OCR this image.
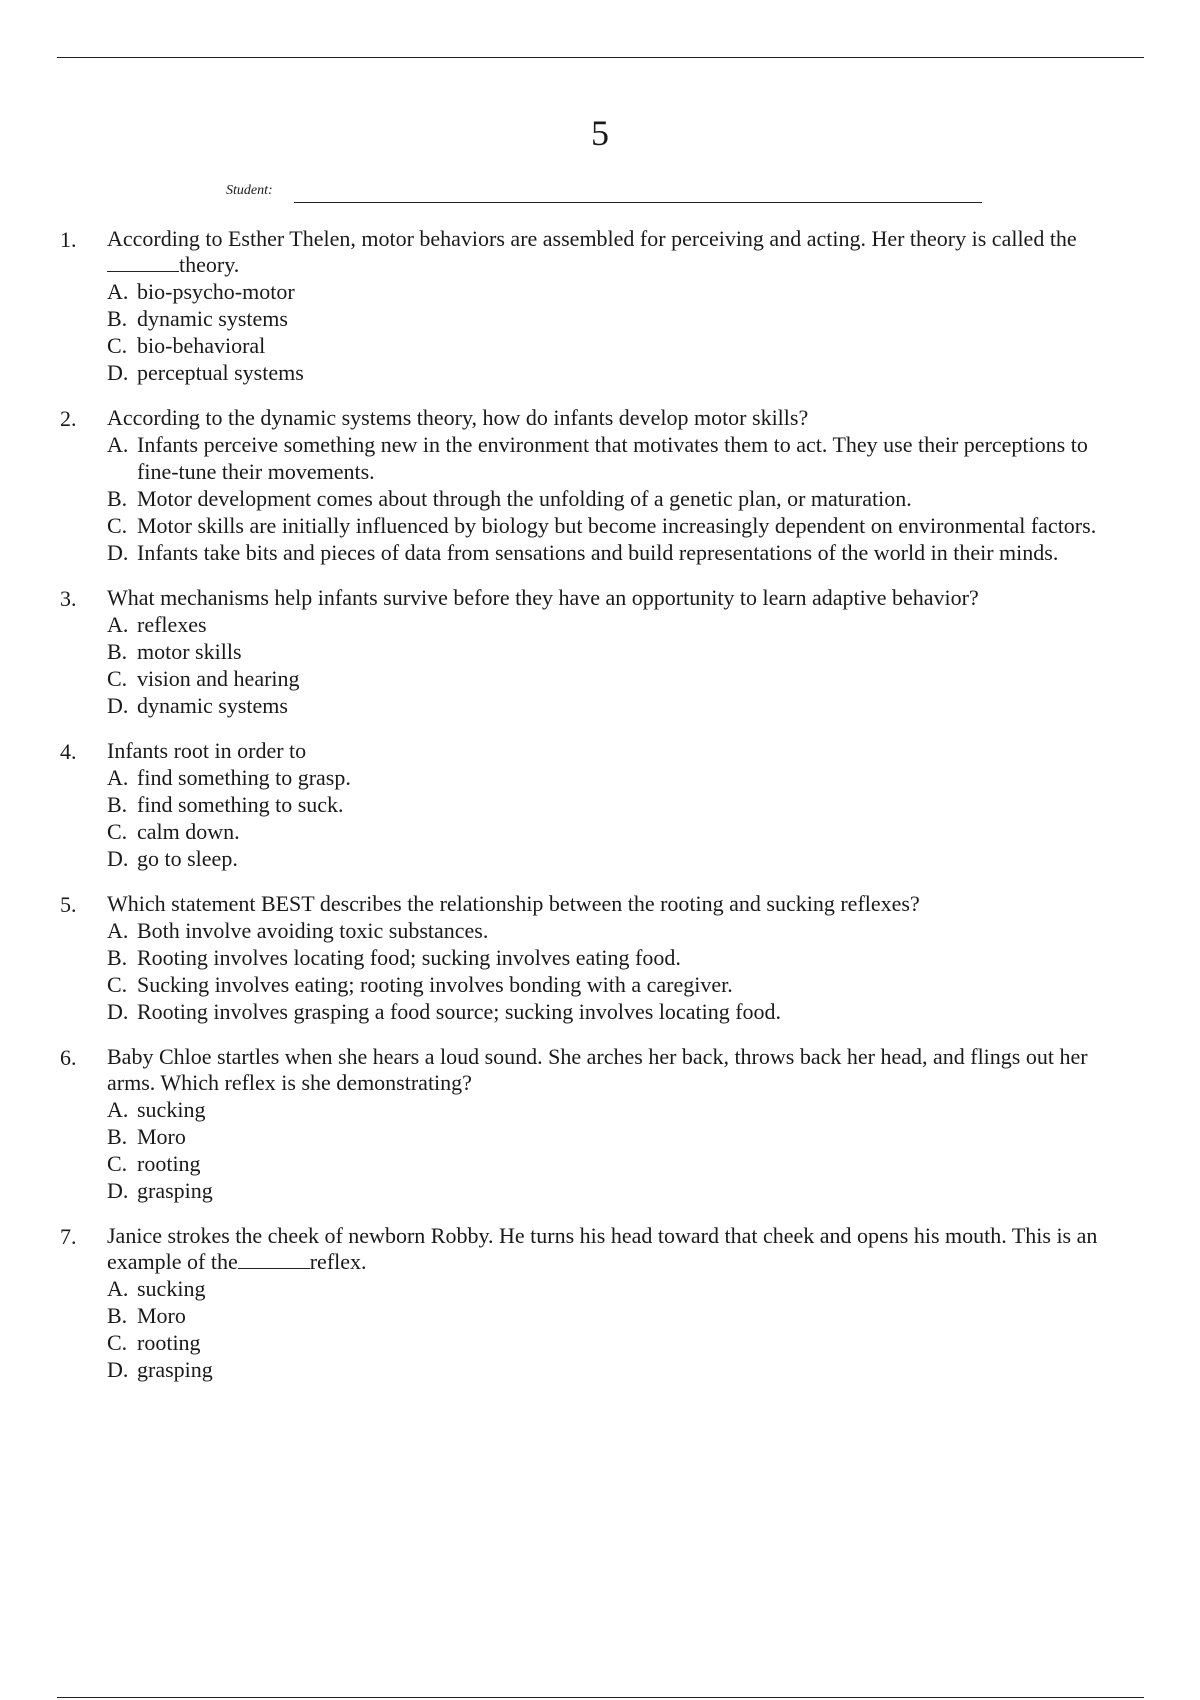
5
Student:
1.	According to Esther Thelen, motor behaviors are assembled for perceiving and acting. Her theory is called thetheory.
A. bio-psycho-motor
B. dynamic systems
C. bio-behavioral
D. perceptual systems
2.	According to the dynamic systems theory, how do infants develop motor skills?
A. Infants perceive something new in the environment that motivates them to act. They use their perceptions to fine-tune their movements.
B. Motor development comes about through the unfolding of a genetic plan, or maturation.
C. Motor skills are initially influenced by biology but become increasingly dependent on environmental factors.
D. Infants take bits and pieces of data from sensations and build representations of the world in their minds.
3.	What mechanisms help infants survive before they have an opportunity to learn adaptive behavior?
A. reflexes
B. motor skills
C. vision and hearing
D. dynamic systems
4.	Infants root in order to
A. find something to grasp.
B. find something to suck.
C. calm down.
D. go to sleep.
5.	Which statement BEST describes the relationship between the rooting and sucking reflexes?
A. Both involve avoiding toxic substances.
B. Rooting involves locating food; sucking involves eating food.
C. Sucking involves eating; rooting involves bonding with a caregiver.
D. Rooting involves grasping a food source; sucking involves locating food.
6.	Baby Chloe startles when she hears a loud sound. She arches her back, throws back her head, and flings out her arms. Which reflex is she demonstrating?
A. sucking
B. Moro
C. rooting
D. grasping
7.	Janice strokes the cheek of newborn Robby. He turns his head toward that cheek and opens his mouth. This is an example of the	reflex.
A. sucking
B. Moro
C. rooting
D. grasping
